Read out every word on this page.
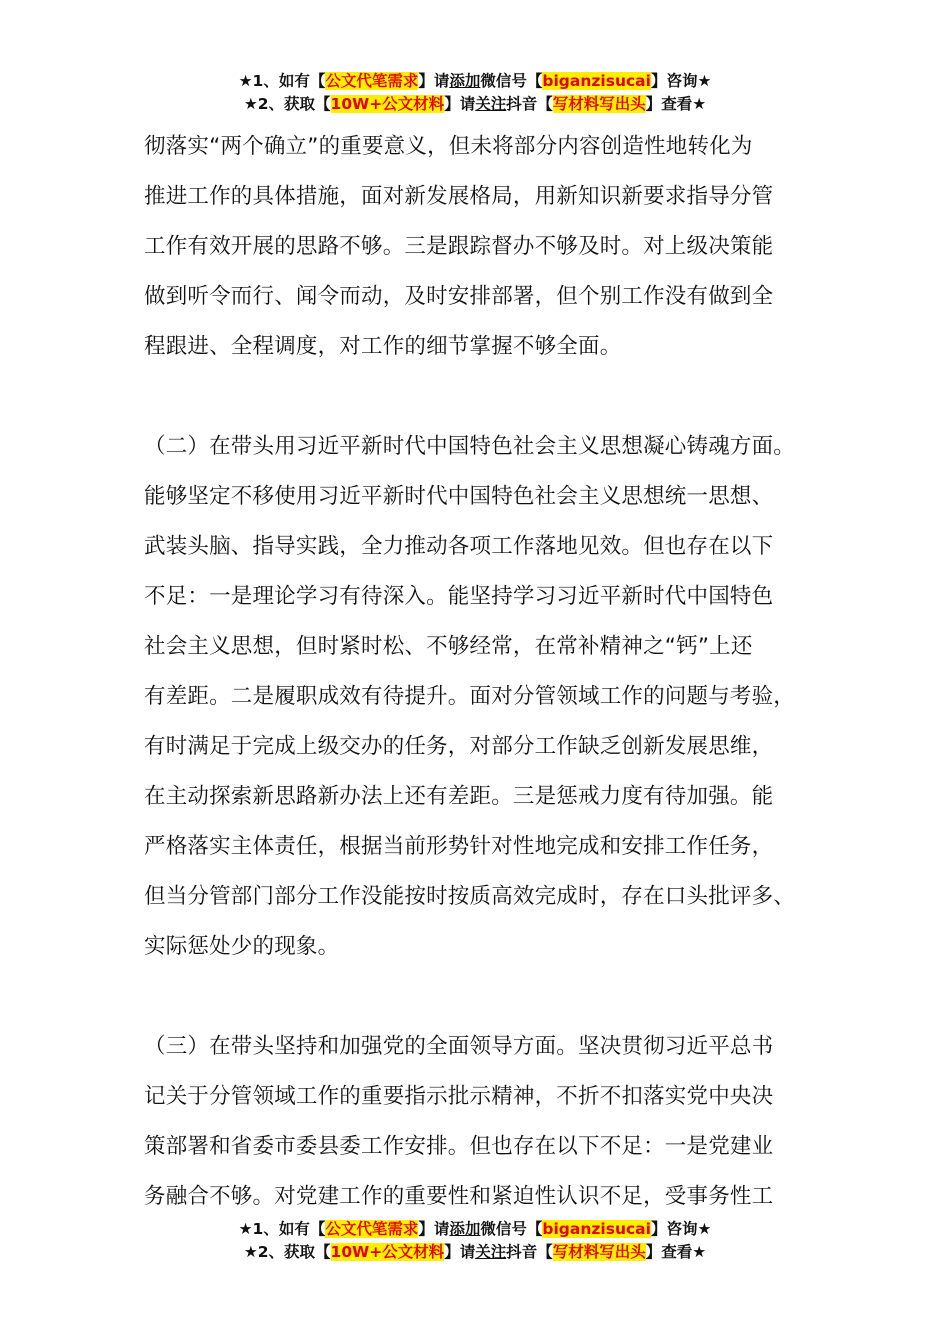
★1、如有【公文代笔需求】请添加微信号【biganzisucai】咨询★
★2、获取【10W+公文材料】请关注抖音【写材料写出头】查看★
彻落实“两个确立”的重要意义，但未将部分内容创造性地转化为
推进工作的具体措施，面对新发展格局，用新知识新要求指导分管
工作有效开展的思路不够。三是跟踪督办不够及时。对上级决策能
做到听令而行、闻令而动，及时安排部署，但个别工作没有做到全
程跟进、全程调度，对工作的细节掌握不够全面。
（二）在带头用习近平新时代中国特色社会主义思想凝心铸魂方面。
能够坚定不移使用习近平新时代中国特色社会主义思想统一思想、
武装头脑、指导实践，全力推动各项工作落地见效。但也存在以下
不足：一是理论学习有待深入。能坚持学习习近平新时代中国特色
社会主义思想，但时紧时松、不够经常，在常补精神之“钙”上还
有差距。二是履职成效有待提升。面对分管领域工作的问题与考验，
有时满足于完成上级交办的任务，对部分工作缺乏创新发展思维，
在主动探索新思路新办法上还有差距。三是惩戒力度有待加强。能
严格落实主体责任，根据当前形势针对性地完成和安排工作任务，
但当分管部门部分工作没能按时按质高效完成时，存在口头批评多、
实际惩处少的现象。
（三）在带头坚持和加强党的全面领导方面。坚决贯彻习近平总书
记关于分管领域工作的重要指示批示精神，不折不扣落实党中央决
策部署和省委市委县委工作安排。但也存在以下不足：一是党建业
务融合不够。对党建工作的重要性和紧迫性认识不足，受事务性工
★1、如有【公文代笔需求】请添加微信号【biganzisucai】咨询★
★2、获取【10W+公文材料】请关注抖音【写材料写出头】查看★
